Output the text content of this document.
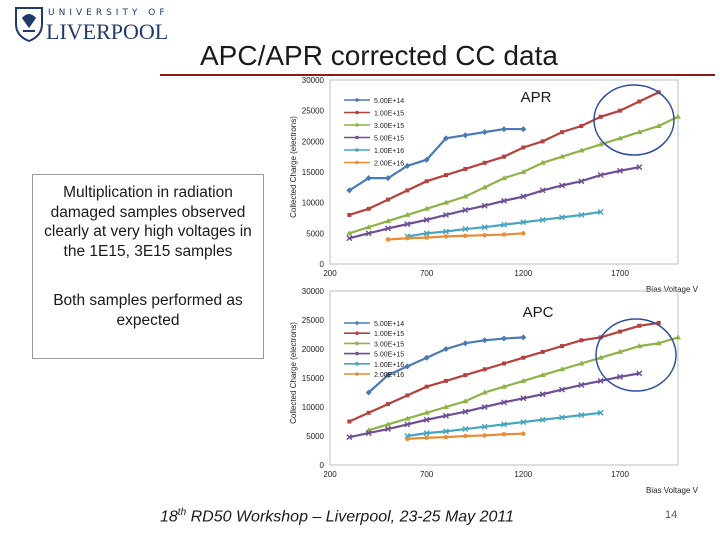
UNIVERSITY OF
LIVERPOOL
APC/APR corrected CC data

Multiplication in radiation damaged samples observed clearly at very high voltages in the 1E15, 3E15 samples

Both samples performed as expected

0
5000
10000
15000
20000
25000
30000
200	700	1200	1700
Collected Charge (electrons)
Bias Voltage V
5.00E+14
1.00E+15
3.00E+15
5.00E+15
1.00E+16
2.00E+16
APR
0
5000
10000
15000
20000
25000
30000
200	700	1200	1700
Collected Charge (electrons)
Bias Voltage V
5.00E+14
1.00E+15
3.00E+15
5.00E+15
1.00E+16
2.00E+16
APC
18th RD50 Workshop – Liverpool, 23-25 May 2011	14
